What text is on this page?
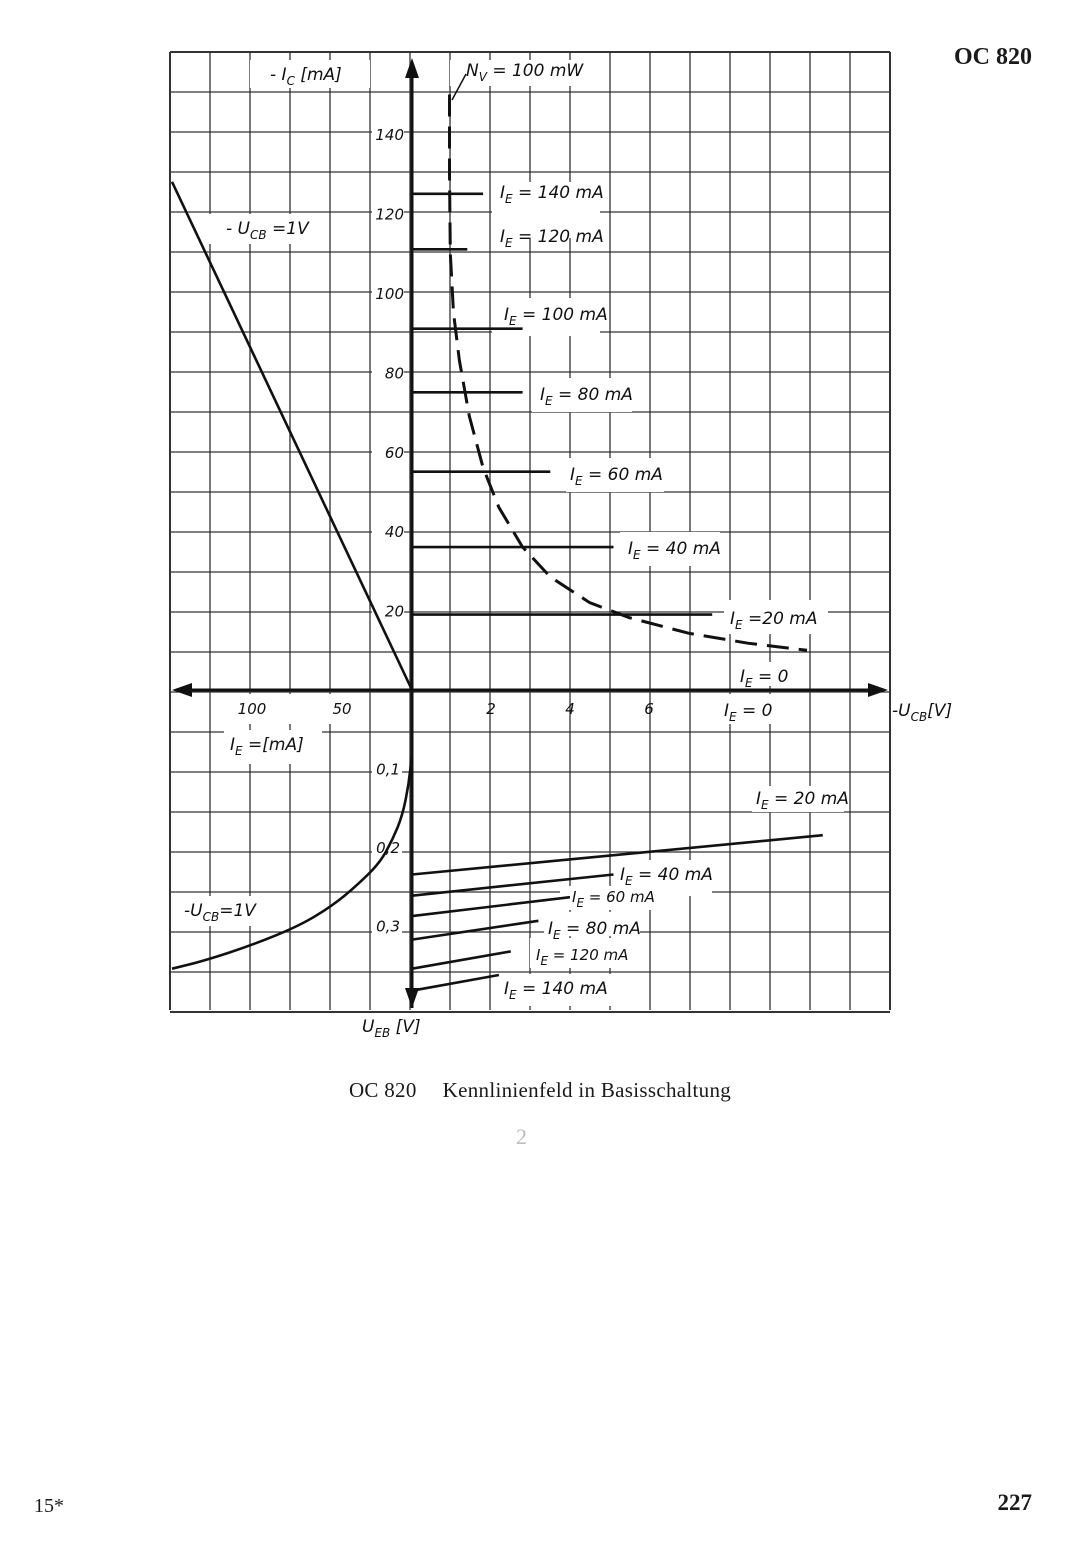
OC 820
20
40
60
80
100
120
140
2	4	6
100	50
0,1
0,2
0,3
- $I_C$ [mA]
$-U_{CB}[V]$
$U_{EB}$ [V]
$I_E =[mA]$
- $U_{CB} =1V$
$-U_{CB}=1V$
$N_V = 100$ mW
$I_E = 140$ mA
$I_E = 120$ mA
$I_E = 100$ mA
$I_E = 80$ mA
$I_E = 60$ mA
$I_E = 40$ mA
$I_E =20$ mA
$I_E = 0$
$I_E = 0$
$I_E = 20$ mA
$I_E = 40$ mA
$I_E = 60$ mA
$I_E = 80$ mA
$I_E = 120$ mA
$I_E = 140$ mA
OC 820 Kennlinienfeld in Basisschaltung
2
15*	227
